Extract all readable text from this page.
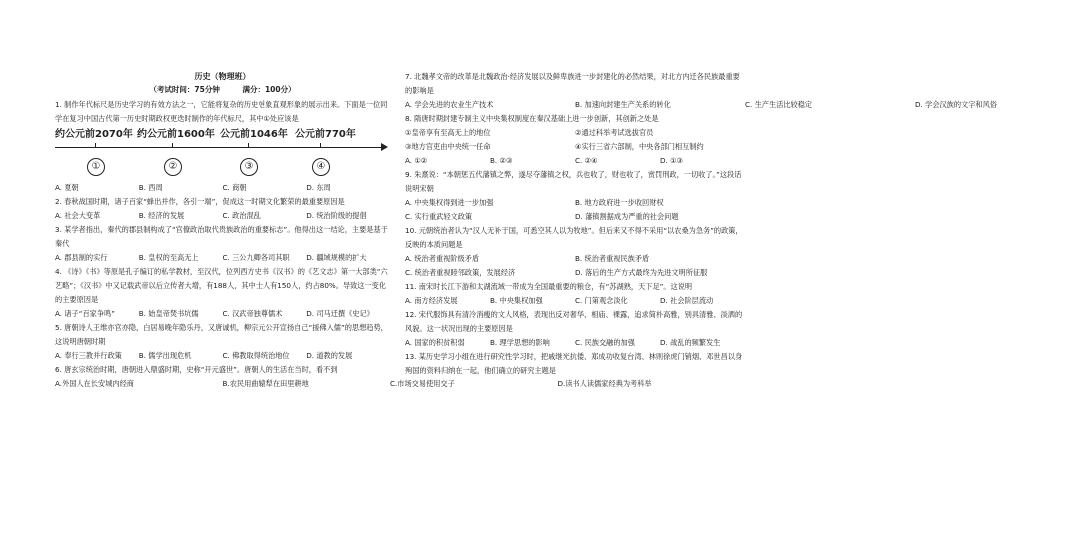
历史（物理班）
（考试时间：75分钟	满分：100分）

1. 制作年代标尺是历史学习的有效方法之一，它能将复杂的历史현象直观形象的展示出来。下面是一位同学在复习中国古代第一历史时期政权更迭时制作的年代标尺，其中①处应该是

约公元前2070年 约公元前1600年 公元前1046年 公元前770年
①	②	③	④
A. 夏朝	B. 西周	C. 商朝	D. 东周

2. 春秋战国时期，诸子百家“蜂出并作，各引一端”，促成这一时期文化繁荣的最重要原因是

A. 社会大变革	B. 经济的发展	C. 政治混乱	D. 统治阶级的提倡

3. 某学者指出，秦代的郡县制构成了“官僚政治取代贵族政治的重要标志”。他得出这一结论，主要是基于秦代

A. 郡县制的实行	B. 皇权的至高无上	C. 三公九卿各司其职	D. 疆域规模的扩大

4. 《诗》《书》等原是孔子编订的私学教材，至汉代，位列西方史书《汉书》的《艺文志》第一大部类“六艺略”；《汉书》中又记载武帝以后立传者大增，有188人，其中士人有150人，约占80%。导致这一变化的主要原因是

A. 诸子“百家争鸣”	B. 始皇帝焚书坑儒	C. 汉武帝独尊儒术	D. 司马迁撰《史记》

5. 唐朝诗人王维亦官亦隐，白居易晚年隐乐丹，又唐诚机，柳宗元公开宣扬自己“援佛入儒”的思想趋势，这说明唐朝时期

A. 奉行三教并行政策	B. 儒学出现危机	C. 佛教取得统治地位	D. 道教的发展

6. 唐玄宗统治时期，唐朝进入鼎盛时期，史称“开元盛世”。唐朝人的生活在当时，看不到

A.外国人在长安城内经商	B.农民用曲辕犁在田里耕地	C.市场交易使用交子	D.读书人读儒家经典为考科举

7. 北魏孝文帝的改革是北魏政治·经济发展以及鲜卑族进一步封建化的必然结果，对北方内迁各民族最重要的影响是

A. 学会先进的农业生产技术	B. 加速向封建生产关系的转化	C. 生产生活比较稳定	D. 学会汉族的文字和风俗

8. 隋唐时期封建专制主义中央集权制度在秦汉基础上进一步创新，其创新之处是

①皇帝享有至高无上的地位	②通过科举考试选拔官员
③地方官吏由中央统一任命	④实行三省六部制，中央各部门相互制约
A. ①②	B. ②③	C. ②④	D. ①③

9. 朱熹说：“本朝惩五代藩镇之弊，遂尽夺藩镇之权，兵也收了，财也收了，赏罚刑政，一切收了。”这段话说明宋朝

A. 中央集权得到进一步加强	B. 地方政府进一步收回财权
C. 实行重武轻文政策	D. 藩镇割据成为严重的社会问题

10. 元朝统治者认为“汉人无补于国，可悉空其人以为牧地”。但后来又不得不采用“以农桑为急务”的政策，反映的本质问题是

A. 统治者重视阶级矛盾	B. 统治者重视民族矛盾
C. 统治者重视睦邻政策，发展经济	D. 落后的生产方式最终为先进文明所征服

11. 南宋时长江下游和太湖流域一带成为全国最重要的粮仓，有“苏湖熟，天下足”。这说明

A. 南方经济发展	B. 中央集权加强	C. 门第观念淡化	D. 社会阶层流动

12. 宋代服饰具有清冷消瘦的文人风格，表现出反对奢华、相庙、裸露，追求简朴高雅，别具清雅、淡洒的风貌。这一状况出现的主要原因是

A. 国家的积贫积弱	B. 理学思想的影响	C. 民族交融的加强	D. 战乱的频繁发生

13. 某历史学习小组在进行研究性学习时，把戚继光抗倭、郑成功收复台湾、林则徐虎门销烟、邓世昌以身殉国的资料归纳在一起，他们确立的研究主题是
